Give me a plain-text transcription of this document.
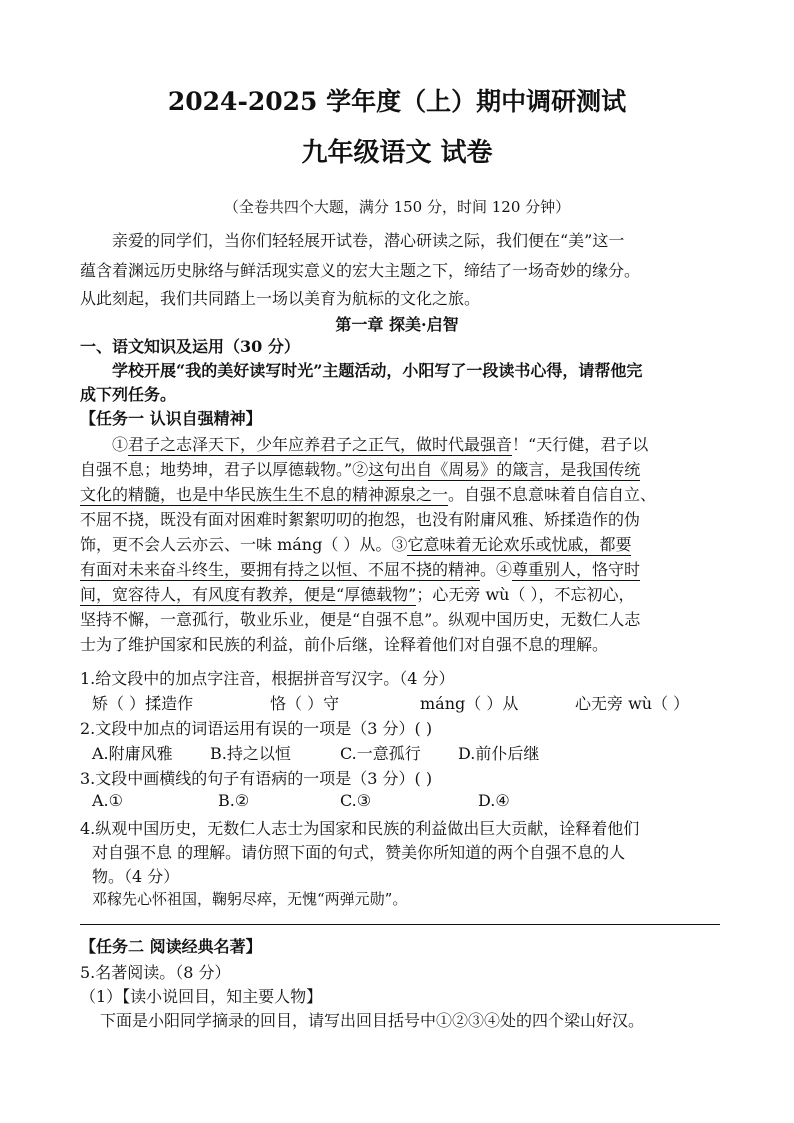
2024-2025 学年度（上）期中调研测试
九年级语文 试卷
（全卷共四个大题，满分 150 分，时间 120 分钟）
亲爱的同学们，当你们轻轻展开试卷，潜心研读之际，我们便在“美”这一
蕴含着渊远历史脉络与鲜活现实意义的宏大主题之下，缔结了一场奇妙的缘分。
从此刻起，我们共同踏上一场以美育为航标的文化之旅。
第一章 探美·启智
一、语文知识及运用（30 分）
学校开展“我的美好读写时光”主题活动，小阳写了一段读书心得，请帮他完
成下列任务。
【任务一 认识自强精神】
①君子之志泽天下，少年应养君子之正气，做时代最强音！“天行健，君子以
自强不息；地势坤，君子以厚德载物。”②这句出自《周易》的箴言，是我国传统
文化的精髓，也是中华民族生生不息的精神源泉之一。自强不息意味着自信自立、
不屈不挠，既没有面对困难时絮絮叨叨的抱怨，也没有附庸风雅、矫揉造作的伪
饰，更不会人云亦云、一味 máng（ ）从。③它意味着无论欢乐或忧戚，都要
有面对未来奋斗终生，要拥有持之以恒、不屈不挠的精神。④尊重别人，恪守时
间，宽容待人，有风度有教养，便是“厚德载物”；心无旁 wù（ ），不忘初心，
坚持不懈，一意孤行，敬业乐业，便是“自强不息”。纵观中国历史，无数仁人志
士为了维护国家和民族的利益，前仆后继，诠释着他们对自强不息的理解。
1.给文段中的加点字注音，根据拼音写汉字。（4 分）
矫（ ）揉造作	恪（ ）守	máng（ ）从	心无旁 wù（ ）
2.文段中加点的词语运用有误的一项是（3 分）( )
A.附庸风雅 B.持之以恒	C.一意孤行 D.前仆后继
3.文段中画横线的句子有语病的一项是（3 分）( )
A.①	B.②	C.③	D.④
4.纵观中国历史，无数仁人志士为国家和民族的利益做出巨大贡献，诠释着他们
对自强不息 的理解。请仿照下面的句式，赞美你所知道的两个自强不息的人
物。（4 分）
邓稼先心怀祖国，鞠躬尽瘁，无愧“两弹元勋”。
【任务二 阅读经典名著】
5.名著阅读。（8 分）
（1）【读小说回目，知主要人物】
下面是小阳同学摘录的回目，请写出回目括号中①②③④处的四个梁山好汉。
